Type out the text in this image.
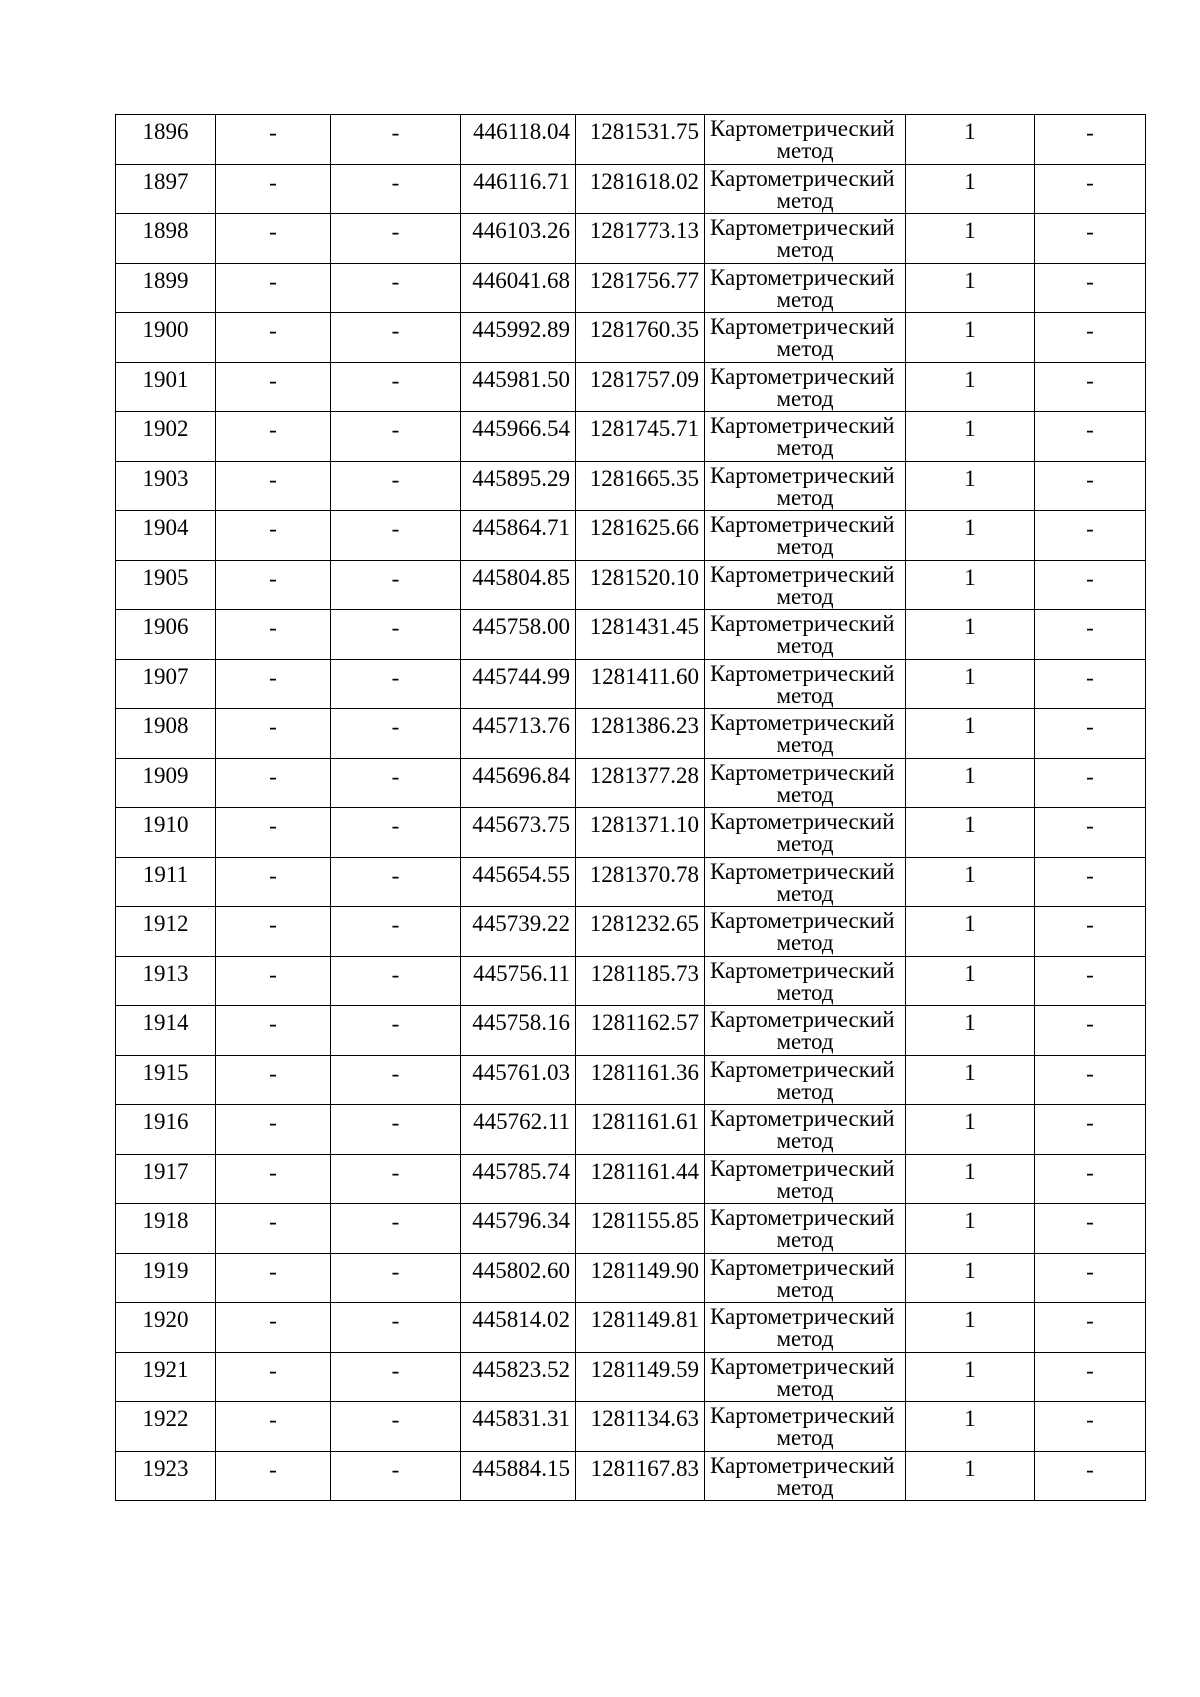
1896	-	-	446118.04	1281531.75	Картометрический
метод	1	-

1897	-	-	446116.71	1281618.02	Картометрический
метод	1	-

1898	-	-	446103.26	1281773.13	Картометрический
метод	1	-

1899	-	-	446041.68	1281756.77	Картометрический
метод	1	-

1900	-	-	445992.89	1281760.35	Картометрический
метод	1	-

1901	-	-	445981.50	1281757.09	Картометрический
метод	1	-

1902	-	-	445966.54	1281745.71	Картометрический
метод	1	-

1903	-	-	445895.29	1281665.35	Картометрический
метод	1	-

1904	-	-	445864.71	1281625.66	Картометрический
метод	1	-

1905	-	-	445804.85	1281520.10	Картометрический
метод	1	-

1906	-	-	445758.00	1281431.45	Картометрический
метод	1	-

1907	-	-	445744.99	1281411.60	Картометрический
метод	1	-

1908	-	-	445713.76	1281386.23	Картометрический
метод	1	-

1909	-	-	445696.84	1281377.28	Картометрический
метод	1	-

1910	-	-	445673.75	1281371.10	Картометрический
метод	1	-

1911	-	-	445654.55	1281370.78	Картометрический
метод	1	-

1912	-	-	445739.22	1281232.65	Картометрический
метод	1	-

1913	-	-	445756.11	1281185.73	Картометрический
метод	1	-

1914	-	-	445758.16	1281162.57	Картометрический
метод	1	-

1915	-	-	445761.03	1281161.36	Картометрический
метод	1	-

1916	-	-	445762.11	1281161.61	Картометрический
метод	1	-

1917	-	-	445785.74	1281161.44	Картометрический
метод	1	-

1918	-	-	445796.34	1281155.85	Картометрический
метод	1	-

1919	-	-	445802.60	1281149.90	Картометрический
метод	1	-

1920	-	-	445814.02	1281149.81	Картометрический
метод	1	-

1921	-	-	445823.52	1281149.59	Картометрический
метод	1	-

1922	-	-	445831.31	1281134.63	Картометрический
метод	1	-

1923	-	-	445884.15	1281167.83	Картометрический
метод	1	-
